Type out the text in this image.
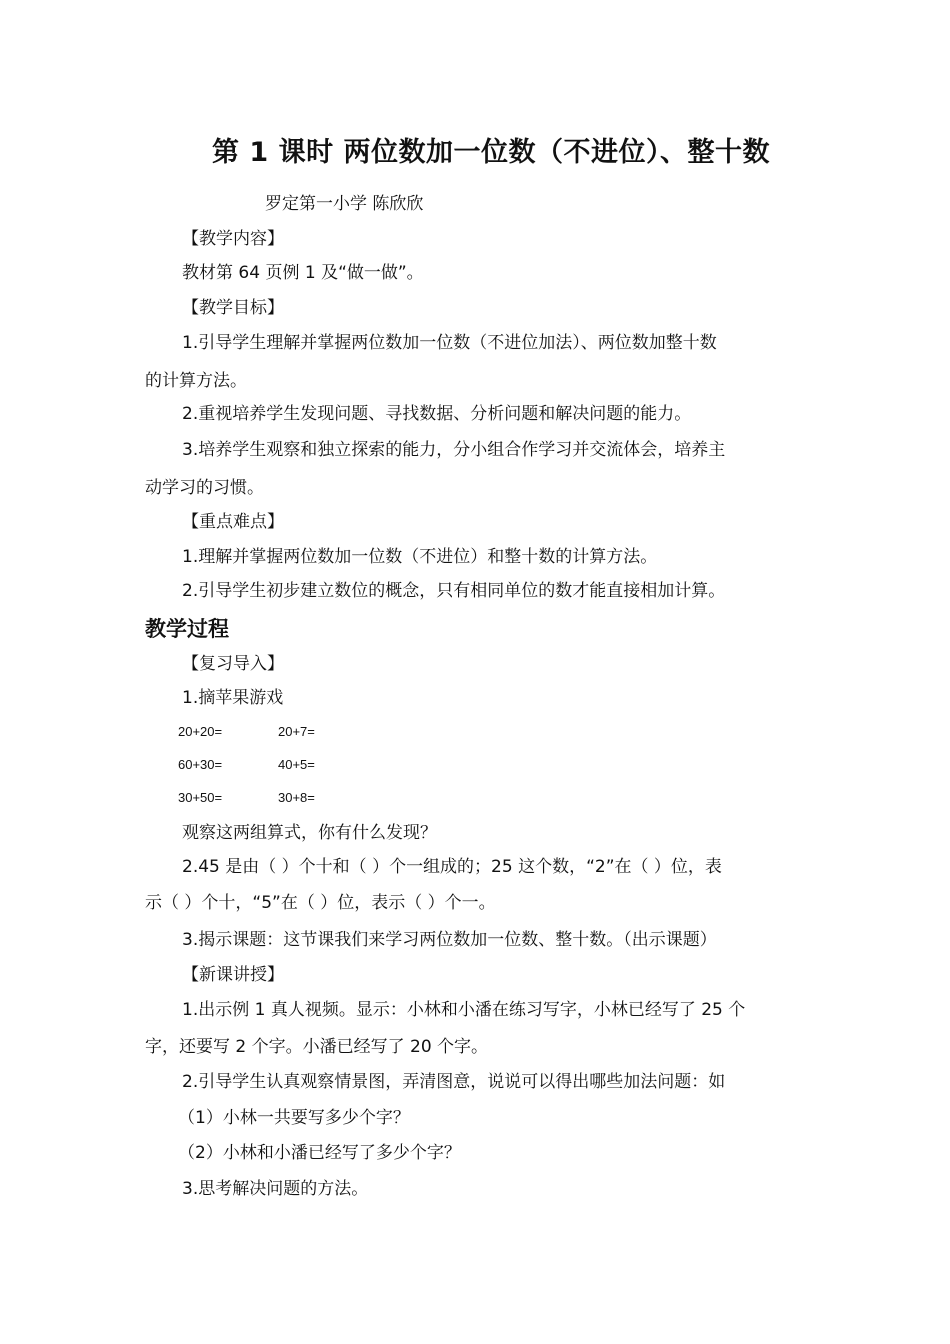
第 1 课时 两位数加一位数（不进位）、整十数
罗定第一小学 陈欣欣
【教学内容】
教材第 64 页例 1 及“做一做”。
【教学目标】
1.引导学生理解并掌握两位数加一位数（不进位加法）、两位数加整十数
的计算方法。
2.重视培养学生发现问题、寻找数据、分析问题和解决问题的能力。
3.培养学生观察和独立探索的能力，分小组合作学习并交流体会，培养主
动学习的习惯。
【重点难点】
1.理解并掌握两位数加一位数（不进位）和整十数的计算方法。
2.引导学生初步建立数位的概念，只有相同单位的数才能直接相加计算。
教学过程
【复习导入】
1.摘苹果游戏
20+20=	20+7=
60+30=	40+5=
30+50=	30+8=
观察这两组算式，你有什么发现？
2.45 是由（ ）个十和（ ）个一组成的；25 这个数，“2”在（ ）位，表
示（ ）个十，“5”在（ ）位，表示（ ）个一。
3.揭示课题：这节课我们来学习两位数加一位数、整十数。（出示课题）
【新课讲授】
1.出示例 1 真人视频。显示：小林和小潘在练习写字，小林已经写了 25 个
字，还要写 2 个字。小潘已经写了 20 个字。
2.引导学生认真观察情景图，弄清图意，说说可以得出哪些加法问题：如
（1）小林一共要写多少个字？
（2）小林和小潘已经写了多少个字？
3.思考解决问题的方法。
